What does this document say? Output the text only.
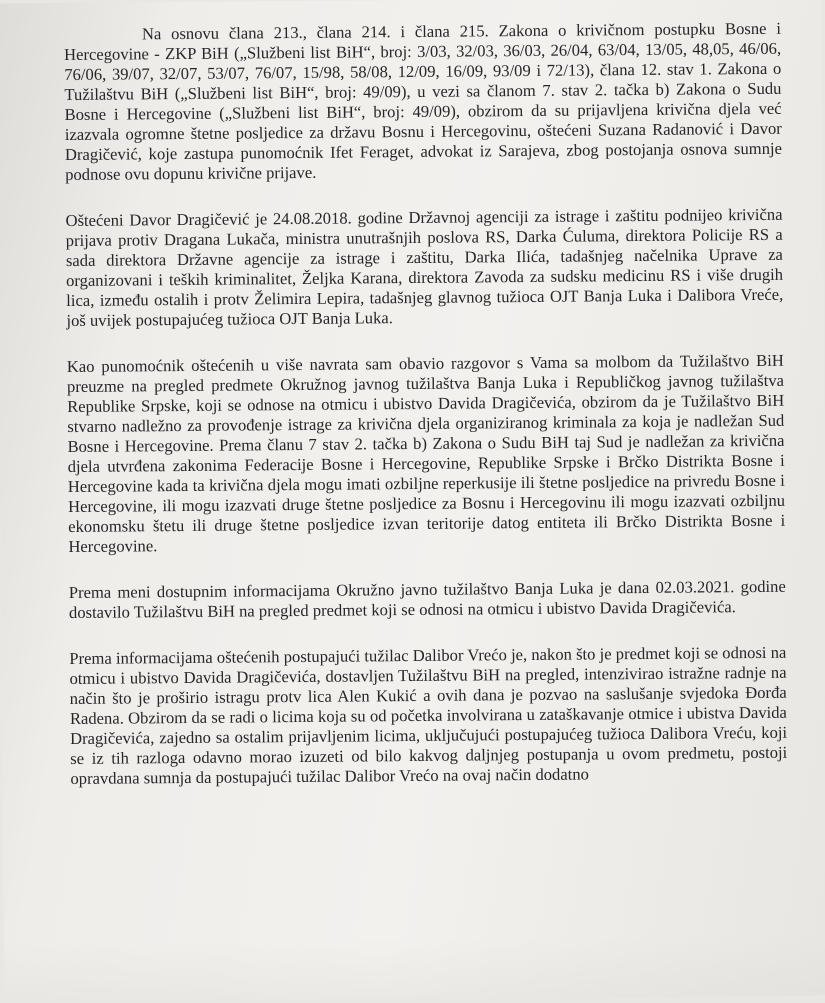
Na osnovu člana 213., člana 214. i člana 215. Zakona o krivičnom postupku Bosne i Hercegovine - ZKP BiH („Službeni list BiH“, broj: 3/03, 32/03, 36/03, 26/04, 63/04, 13/05, 48,05, 46/06, 76/06, 39/07, 32/07, 53/07, 76/07, 15/98, 58/08, 12/09, 16/09, 93/09 i 72/13), člana 12. stav 1. Zakona o Tužilaštvu BiH („Službeni list BiH“, broj: 49/09), u vezi sa članom 7. stav 2. tačka b) Zakona o Sudu Bosne i Hercegovine („Službeni list BiH“, broj: 49/09), obzirom da su prijavljena krivična djela već izazvala ogromne štetne posljedice za državu Bosnu i Hercegovinu, oštećeni Suzana Radanović i Davor Dragičević, koje zastupa punomoćnik Ifet Feraget, advokat iz Sarajeva, zbog postojanja osnova sumnje podnose ovu dopunu krivične prijave.

Oštećeni Davor Dragičević je 24.08.2018. godine Državnoj agenciji za istrage i zaštitu podnijeo krivična prijava protiv Dragana Lukača, ministra unutrašnjih poslova RS, Darka Ćuluma, direktora Policije RS a sada direktora Državne agencije za istrage i zaštitu, Darka Ilića, tadašnjeg načelnika Uprave za organizovani i teških kriminalitet, Željka Karana, direktora Zavoda za sudsku medicinu RS i više drugih lica, između ostalih i protv Želimira Lepira, tadašnjeg glavnog tužioca OJT Banja Luka i Dalibora Vreće, još uvijek postupajućeg tužioca OJT Banja Luka.

Kao punomoćnik oštećenih u više navrata sam obavio razgovor s Vama sa molbom da Tužilaštvo BiH preuzme na pregled predmete Okružnog javnog tužilaštva Banja Luka i Republičkog javnog tužilaštva Republike Srpske, koji se odnose na otmicu i ubistvo Davida Dragičevića, obzirom da je Tužilaštvo BiH stvarno nadležno za provođenje istrage za krivična djela organiziranog kriminala za koja je nadležan Sud Bosne i Hercegovine. Prema članu 7 stav 2. tačka b) Zakona o Sudu BiH taj Sud je nadležan za krivična djela utvrđena zakonima Federacije Bosne i Hercegovine, Republike Srpske i Brčko Distrikta Bosne i Hercegovine kada ta krivična djela mogu imati ozbiljne reperkusije ili štetne posljedice na privredu Bosne i Hercegovine, ili mogu izazvati druge štetne posljedice za Bosnu i Hercegovinu ili mogu izazvati ozbiljnu ekonomsku štetu ili druge štetne posljedice izvan teritorije datog entiteta ili Brčko Distrikta Bosne i Hercegovine.

Prema meni dostupnim informacijama Okružno javno tužilaštvo Banja Luka je dana 02.03.2021. godine dostavilo Tužilaštvu BiH na pregled predmet koji se odnosi na otmicu i ubistvo Davida Dragičevića.

Prema informacijama oštećenih postupajući tužilac Dalibor Vrećo je, nakon što je predmet koji se odnosi na otmicu i ubistvo Davida Dragičevića, dostavljen Tužilaštvu BiH na pregled, intenzivirao istražne radnje na način što je proširio istragu protv lica Alen Kukić a ovih dana je pozvao na saslušanje svjedoka Đorđa Radena. Obzirom da se radi o licima koja su od početka involvirana u zataškavanje otmice i ubistva Davida Dragičevića, zajedno sa ostalim prijavljenim licima, uključujući postupajućeg tužioca Dalibora Vreću, koji se iz tih razloga odavno morao izuzeti od bilo kakvog daljnjeg postupanja u ovom predmetu, postoji opravdana sumnja da postupajući tužilac Dalibor Vrećo na ovaj način dodatno
